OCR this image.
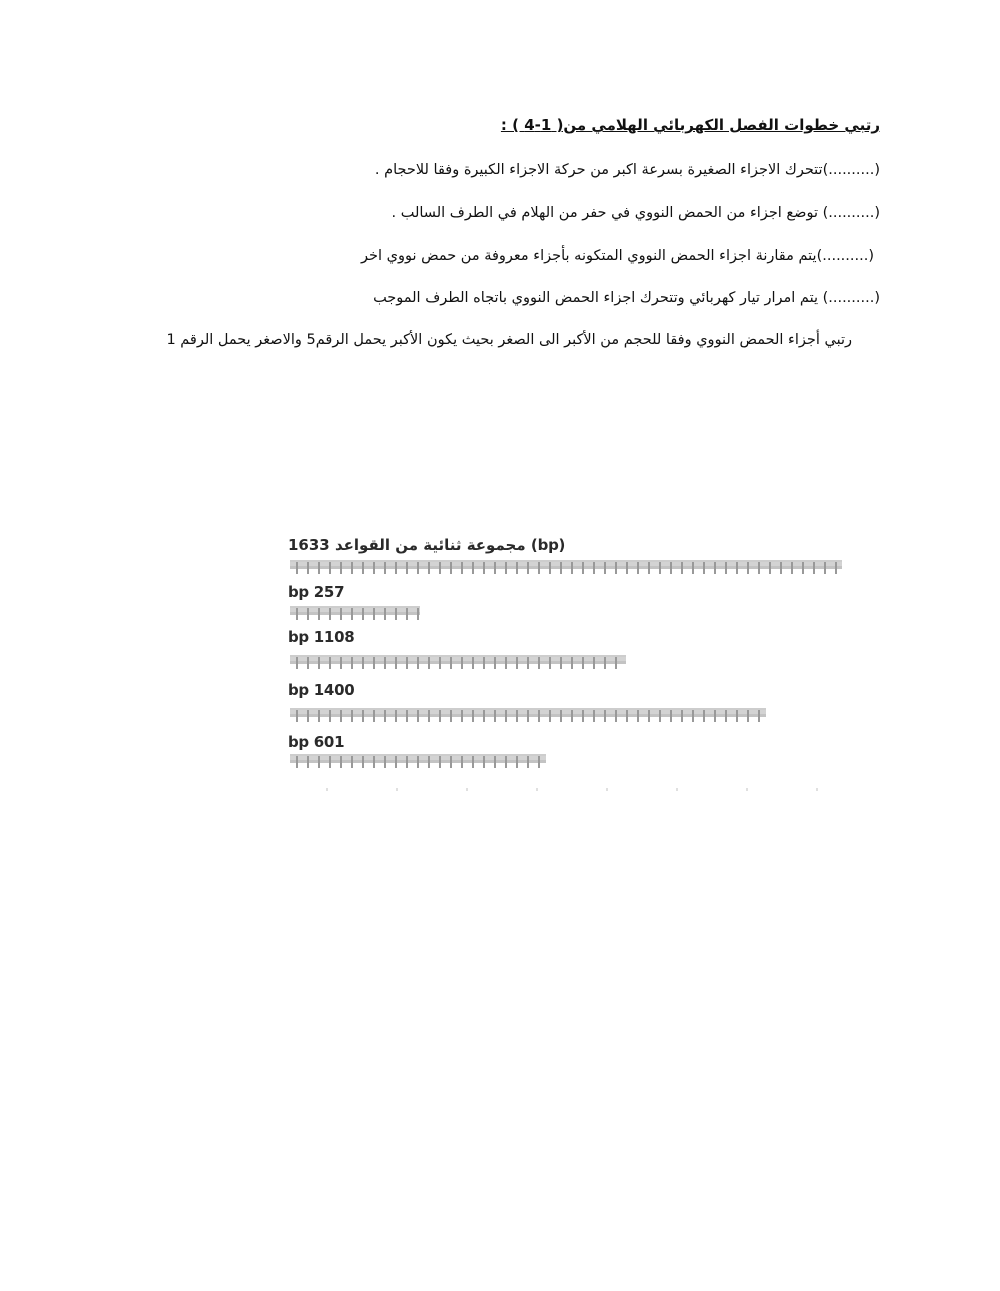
رتبي خطوات الفصل الكهربائي الهلامي من( 1-4 ) :
(..........)تتحرك الاجزاء الصغيرة بسرعة اكبر من حركة الاجزاء الكبيرة وفقا للاحجام .
(..........) توضع اجزاء من الحمض النووي في حفر من الهلام في الطرف السالب .
(..........)يتم مقارنة اجزاء الحمض النووي المتكونه بأجزاء معروفة من حمض نووي اخر
(..........) يتم امرار تيار كهربائي وتتحرك اجزاء الحمض النووي باتجاه الطرف الموجب
رتبي أجزاء الحمض النووي وفقا للحجم من الأكبر الى الصغر بحيث يكون الأكبر يحمل الرقم5 والاصغر يحمل الرقم 1
1633 مجموعة ثنائية من القواعد (bp)
bp 257
bp 1108
bp 1400
bp 601
